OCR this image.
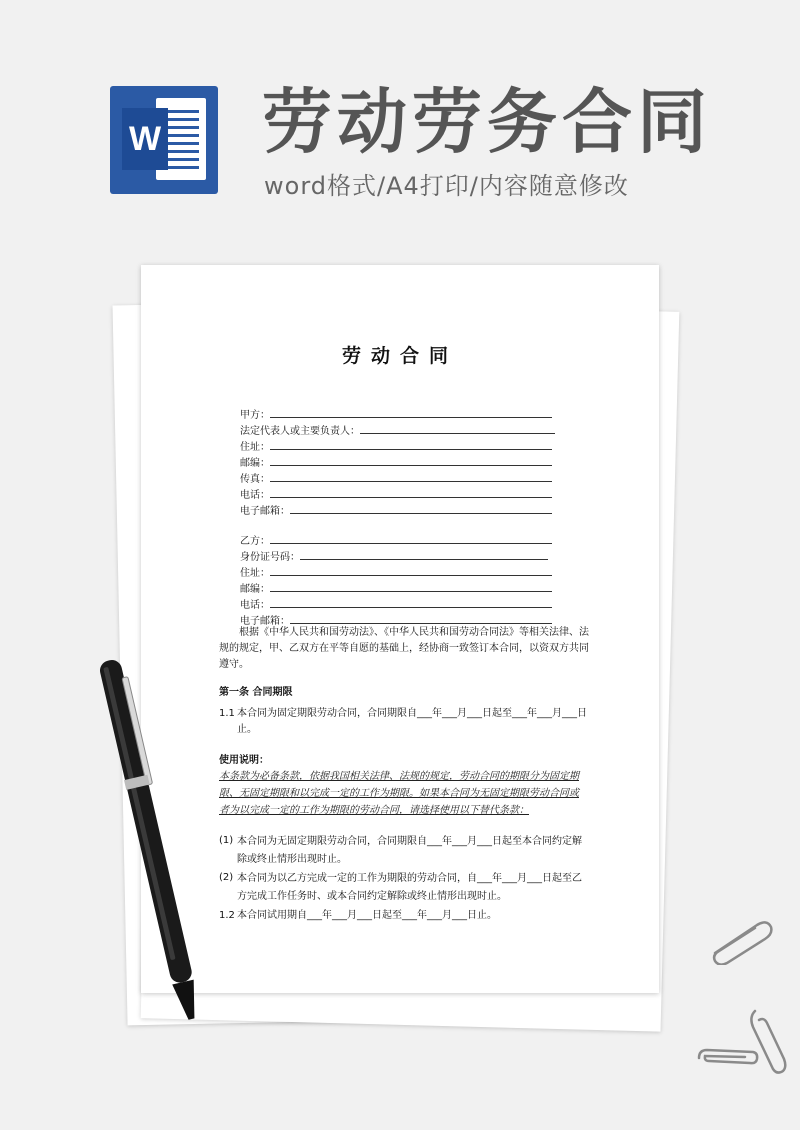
W 劳动劳务合同
word格式/A4打印/内容随意修改
劳动合同
甲方：
法定代表人或主要负责人：
住址：
邮编：
传真：
电话：
电子邮箱：
乙方：
身份证号码：
住址：
邮编：
电话：
电子邮箱：
根据《中华人民共和国劳动法》、《中华人民共和国劳动合同法》等相关法律、法规的规定，甲、乙双方在平等自愿的基础上，经协商一致签订本合同，以资双方共同遵守。
第一条 合同期限
1.1 本合同为固定期限劳动合同，合同期限自___年___月___日起至___年___月___日止。
使用说明：
本条款为必备条款，依据我国相关法律、法规的规定，劳动合同的期限分为固定期限、无固定期限和以完成一定的工作为期限。如果本合同为无固定期限劳动合同或者为以完成一定的工作为期限的劳动合同，请选择使用以下替代条款：
(1) 本合同为无固定期限劳动合同，合同期限自___年___月___日起至本合同约定解除或终止情形出现时止。
(2) 本合同为以乙方完成一定的工作为期限的劳动合同，自___年___月___日起至乙方完成工作任务时、或本合同约定解除或终止情形出现时止。
1.2 本合同试用期自___年___月___日起至___年___月___日止。
